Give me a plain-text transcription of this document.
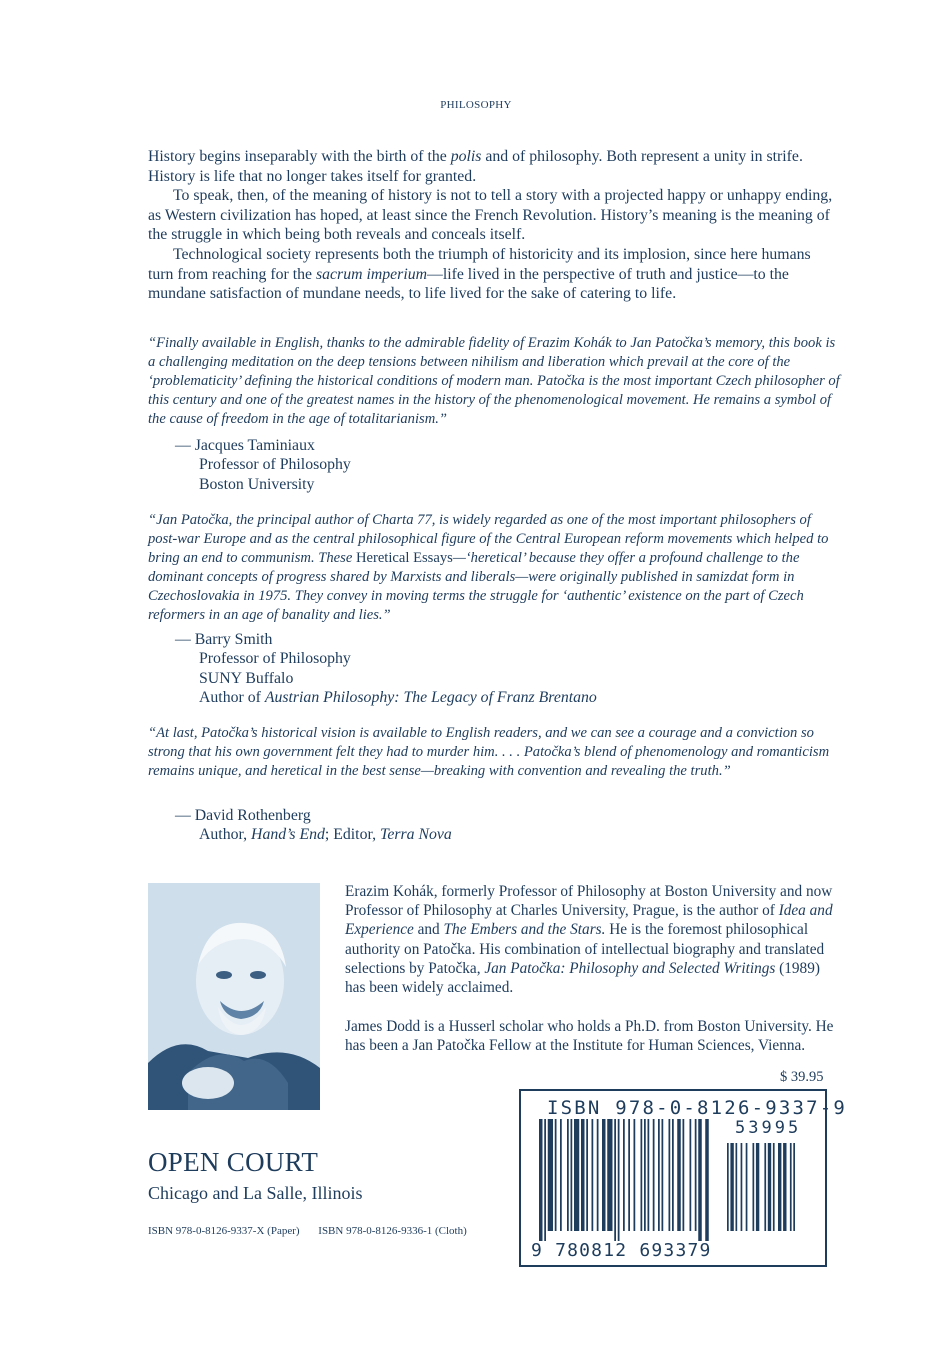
PHILOSOPHY

History begins inseparably with the birth of the polis and of philosophy. Both represent a unity in strife. History is life that no longer takes itself for granted.

To speak, then, of the meaning of history is not to tell a story with a projected happy or unhappy ending, as Western civilization has hoped, at least since the French Revolution. History’s meaning is the meaning of the struggle in which being both reveals and conceals itself.

Technological society represents both the triumph of historicity and its implosion, since here humans turn from reaching for the sacrum imperium—life lived in the perspective of truth and justice—to the mundane satisfaction of mundane needs, to life lived for the sake of catering to life.

“Finally available in English, thanks to the admirable fidelity of Erazim Kohák to Jan Patočka’s memory, this book is a challenging meditation on the deep tensions between nihilism and liberation which prevail at the core of the ‘problematicity’ defining the historical conditions of modern man. Patočka is the most important Czech philosopher of this century and one of the greatest names in the history of the phenomenological movement. He remains a symbol of the cause of freedom in the age of totalitarianism.”

— Jacques Taminiaux
Professor of Philosophy
Boston University

“Jan Patočka, the principal author of Charta 77, is widely regarded as one of the most important philosophers of post-war Europe and as the central philosophical figure of the Central European reform movements which helped to bring an end to communism. These Heretical Essays—‘heretical’ because they offer a profound challenge to the dominant concepts of progress shared by Marxists and liberals—were originally published in samizdat form in Czechoslovakia in 1975. They convey in moving terms the struggle for ‘authentic’ existence on the part of Czech reformers in an age of banality and lies.”

— Barry Smith
Professor of Philosophy
SUNY Buffalo
Author of Austrian Philosophy: The Legacy of Franz Brentano

“At last, Patočka’s historical vision is available to English readers, and we can see a courage and a conviction so strong that his own government felt they had to murder him. . . . Patočka’s blend of phenomenology and romanticism remains unique, and heretical in the best sense—breaking with convention and revealing the truth.”

— David Rothenberg
Author, Hand’s End; Editor, Terra Nova

Erazim Kohák, formerly Professor of Philosophy at Boston University and now Professor of Philosophy at Charles University, Prague, is the author of Idea and Experience and The Embers and the Stars. He is the foremost philosophical authority on Patočka. His combination of intellectual biography and translated selections by Patočka, Jan Patočka: Philosophy and Selected Writings (1989) has been widely acclaimed.

James Dodd is a Husserl scholar who holds a Ph.D. from Boston University. He has been a Jan Patočka Fellow at the Institute for Human Sciences, Vienna.

$ 39.95
ISBN 978-0-8126-9337-9
53995
9 780812 693379
OPEN COURT
Chicago and La Salle, Illinois
ISBN 978-0-8126-9337-X (Paper) ISBN 978-0-8126-9336-1 (Cloth)
